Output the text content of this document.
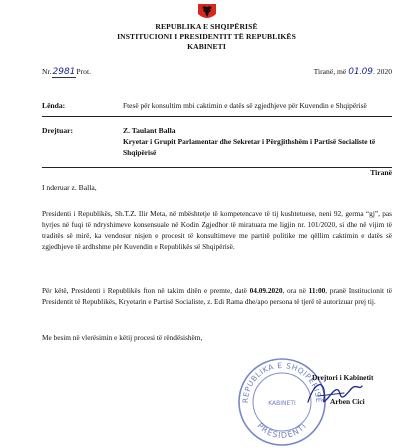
REPUBLIKA E SHQIPËRISË
INSTITUCIONI I PRESIDENTIT TË REPUBLIKËS
KABINETI
Nr.2981Prot.	Tiranë, më 01.09. 2020
Lënda:	Ftesë për konsultim mbi caktimin e datës së zgjedhjeve për Kuvendin e Shqipërisë
Drejtuar:	Z. Taulant Balla
Kryetar i Grupit Parlamentar dhe Sekretar i Përgjithshëm i Partisë Socialiste të Shqipërisë
Tiranë
I nderuar z. Balla,
Presidenti i Republikës, Sh.T.Z. Ilir Meta, në mbështetje të kompetencave të tij kushtetuese, neni 92, germa “gj”, pas hyrjes në fuqi të ndryshimeve konsensuale në Kodin Zgjedhor të miratuara me ligjin nr. 101/2020, si dhe në vijim të traditës së mirë, ka vendosur nisjen e procesit të konsultimeve me partitë politike me qëllim caktimin e datës së zgjedhjeve të ardhshme për Kuvendin e Republikës së Shqipërisë.
Për këtë, Presidenti i Republikës fton në takim ditën e premte, datë 04.09.2020, ora në 11:00, pranë Institucionit të Presidentit të Republikës, Kryetarin e Partisë Socialiste, z. Edi Rama dhe/apo persona të tjerë të autorizuar prej tij.
Me besim në vlerësimin e këtij procesi të rëndësishëm,
REPUBLIKA E SHQIPËRISË
PRESIDENTI
KABINETI
Drejtori i Kabinetit
Arben Cici
